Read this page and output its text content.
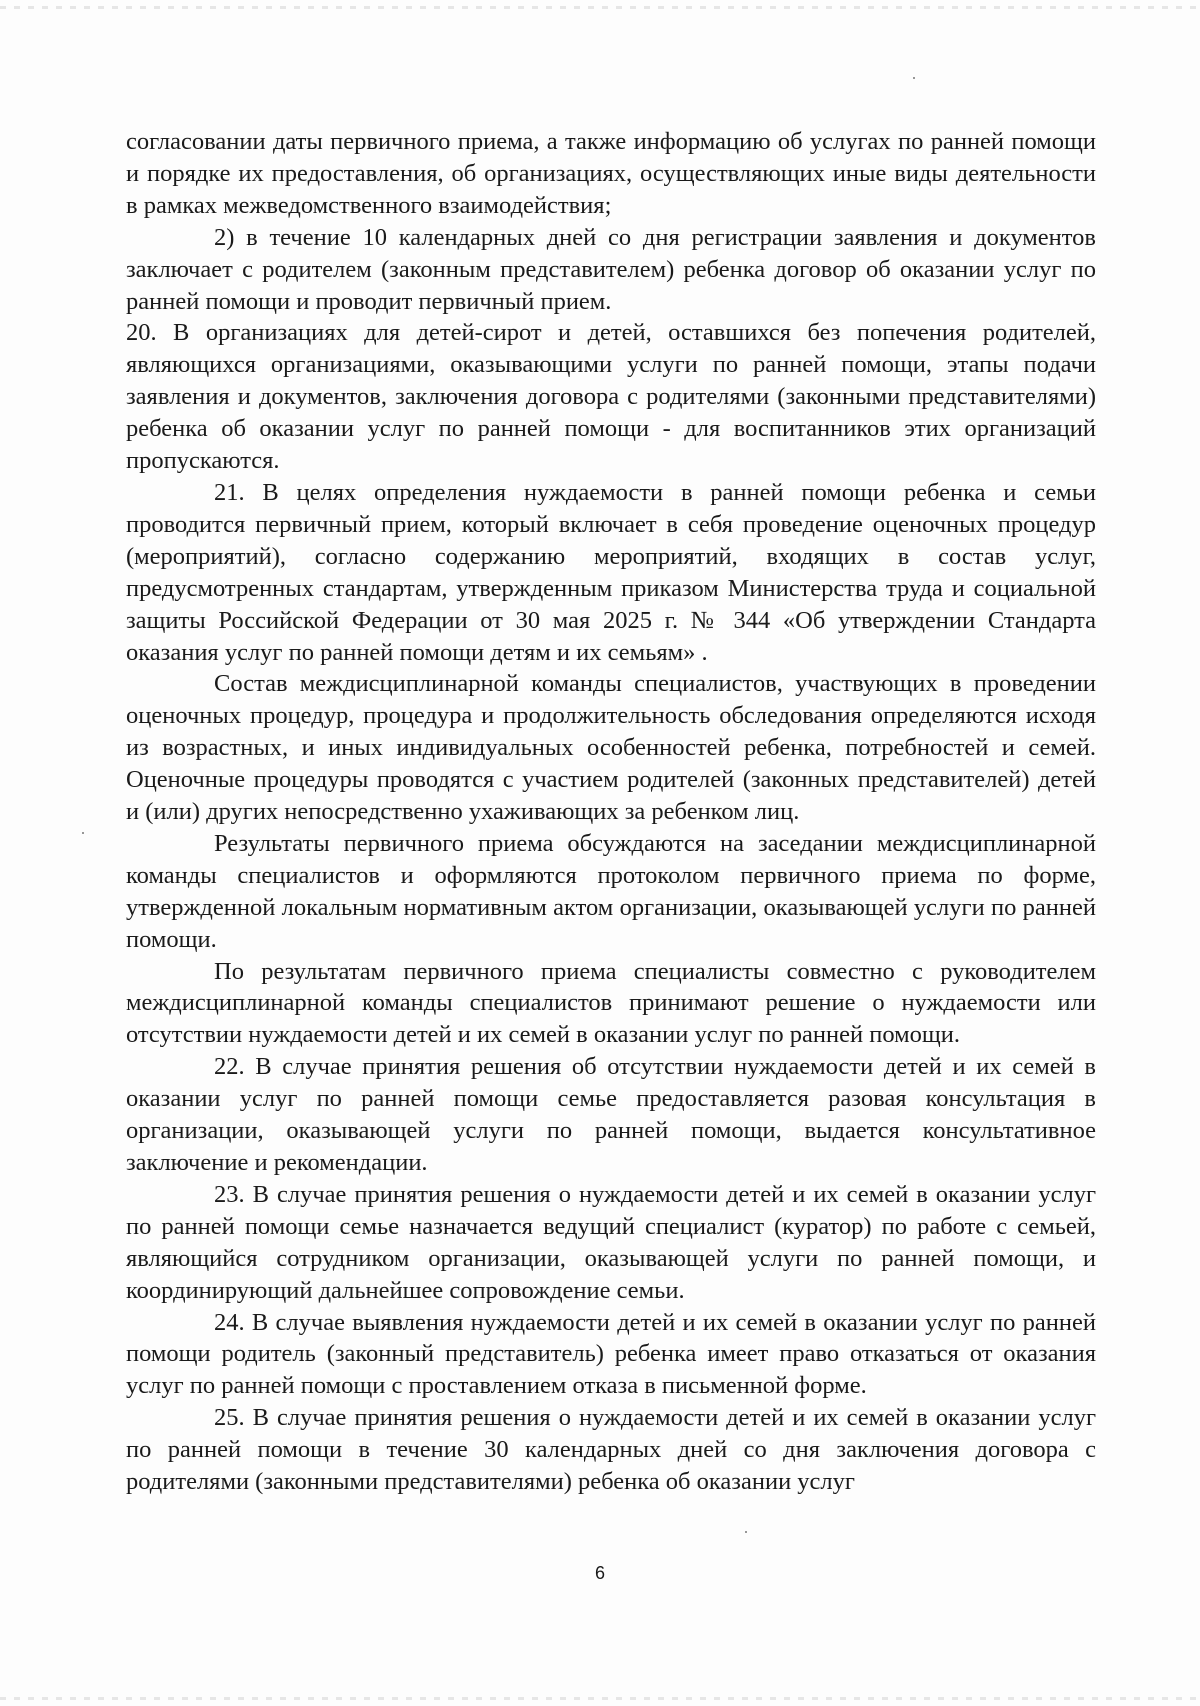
согласовании даты первичного приема, а также информацию об услугах по ранней помощи и порядке их предоставления, об организациях, осуществляющих иные виды деятельности в рамках межведомственного взаимодействия;

2) в течение 10 календарных дней со дня регистрации заявления и документов заключает с родителем (законным представителем) ребенка договор об оказании услуг по ранней помощи и проводит первичный прием.

20. В организациях для детей-сирот и детей, оставшихся без попечения родителей, являющихся организациями, оказывающими услуги по ранней помощи, этапы подачи заявления и документов, заключения договора с родителями (законными представителями) ребенка об оказании услуг по ранней помощи - для воспитанников этих организаций пропускаются.

21. В целях определения нуждаемости в ранней помощи ребенка и семьи проводится первичный прием, который включает в себя проведение оценочных процедур (мероприятий), согласно содержанию мероприятий, входящих в состав услуг, предусмотренных стандартам, утвержденным приказом Министерства труда и социальной защиты Российской Федерации от 30 мая 2025 г. № 344 «Об утверждении Стандарта оказания услуг по ранней помощи детям и их семьям» .

Состав междисциплинарной команды специалистов, участвующих в проведении оценочных процедур, процедура и продолжительность обследования определяются исходя из возрастных, и иных индивидуальных особенностей ребенка, потребностей и семей. Оценочные процедуры проводятся с участием родителей (законных представителей) детей и (или) других непосредственно ухаживающих за ребенком лиц.

Результаты первичного приема обсуждаются на заседании междисциплинарной команды специалистов и оформляются протоколом первичного приема по форме, утвержденной локальным нормативным актом организации, оказывающей услуги по ранней помощи.

По результатам первичного приема специалисты совместно с руководителем междисциплинарной команды специалистов принимают решение о нуждаемости или отсутствии нуждаемости детей и их семей в оказании услуг по ранней помощи.

22. В случае принятия решения об отсутствии нуждаемости детей и их семей в оказании услуг по ранней помощи семье предоставляется разовая консультация в организации, оказывающей услуги по ранней помощи, выдается консультативное заключение и рекомендации.

23. В случае принятия решения о нуждаемости детей и их семей в оказании услуг по ранней помощи семье назначается ведущий специалист (куратор) по работе с семьей, являющийся сотрудником организации, оказывающей услуги по ранней помощи, и координирующий дальнейшее сопровождение семьи.

24. В случае выявления нуждаемости детей и их семей в оказании услуг по ранней помощи родитель (законный представитель) ребенка имеет право отказаться от оказания услуг по ранней помощи с проставлением отказа в письменной форме.

25. В случае принятия решения о нуждаемости детей и их семей в оказании услуг по ранней помощи в течение 30 календарных дней со дня заключения договора с родителями (законными представителями) ребенка об оказании услуг

6
